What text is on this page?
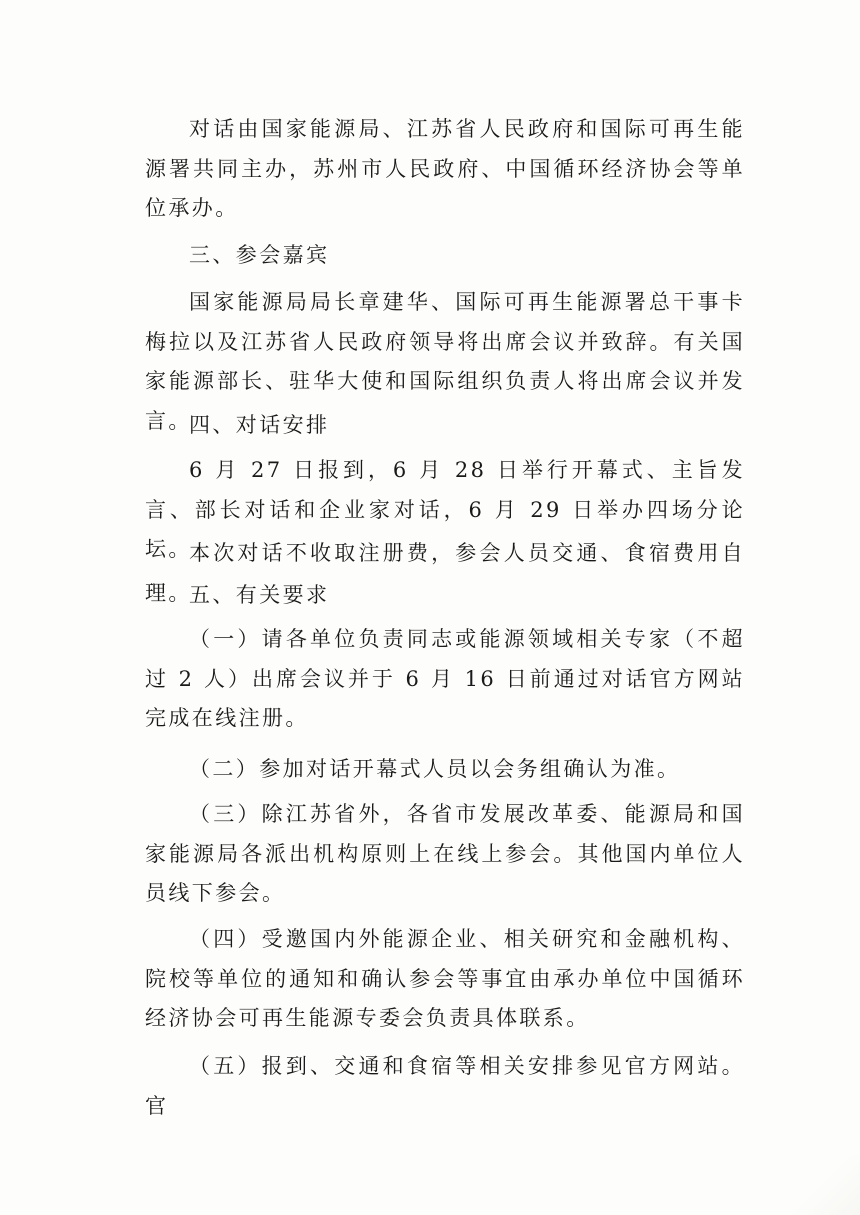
对话由国家能源局、江苏省人民政府和国际可再生能源署共同主办，苏州市人民政府、中国循环经济协会等单位承办。

三、参会嘉宾

国家能源局局长章建华、国际可再生能源署总干事卡梅拉以及江苏省人民政府领导将出席会议并致辞。有关国家能源部长、驻华大使和国际组织负责人将出席会议并发言。

四、对话安排

6 月 27 日报到，6 月 28 日举行开幕式、主旨发言、部长对话和企业家对话，6 月 29 日举办四场分论坛。

本次对话不收取注册费，参会人员交通、食宿费用自理。

五、有关要求

（一）请各单位负责同志或能源领域相关专家（不超过 2 人）出席会议并于 6 月 16 日前通过对话官方网站完成在线注册。

（二）参加对话开幕式人员以会务组确认为准。

（三）除江苏省外，各省市发展改革委、能源局和国家能源局各派出机构原则上在线上参会。其他国内单位人员线下参会。

（四）受邀国内外能源企业、相关研究和金融机构、院校等单位的通知和确认参会等事宜由承办单位中国循环经济协会可再生能源专委会负责具体联系。

（五）报到、交通和食宿等相关安排参见官方网站。官
